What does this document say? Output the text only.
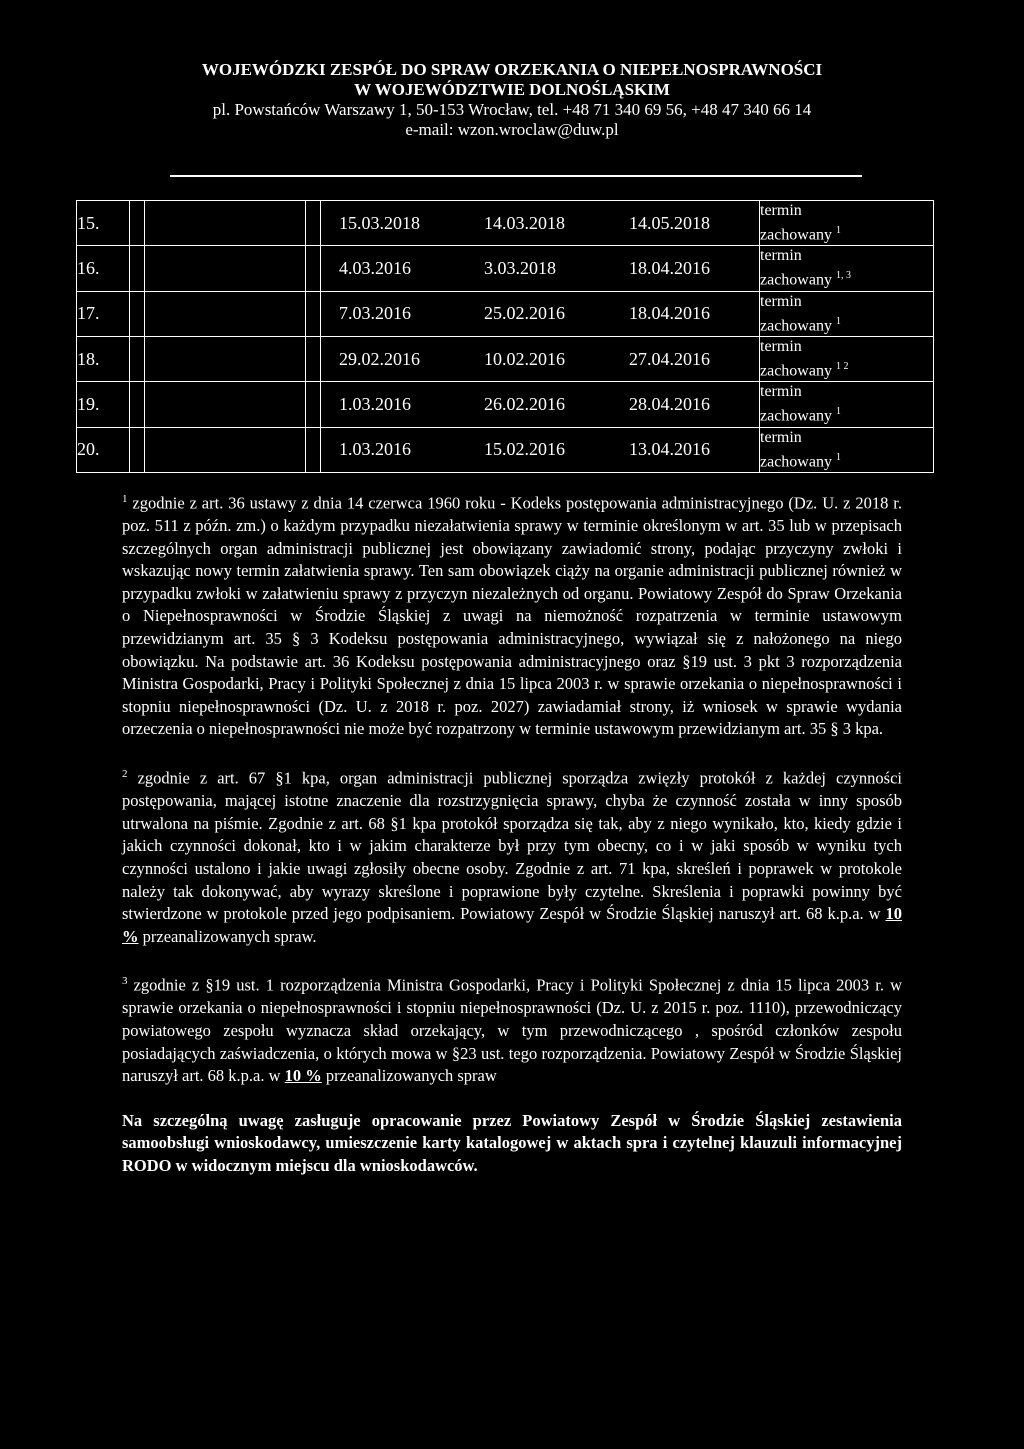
WOJEWÓDZKI ZESPÓŁ DO SPRAW ORZEKANIA O NIEPEŁNOSPRAWNOŚCI
W WOJEWÓDZTWIE DOLNOŚLĄSKIM
pl. Powstańców Warszawy 1, 50-153 Wrocław, tel. +48 71 340 69 56, +48 47 340 66 14
e-mail: wzon.wroclaw@duw.pl
15.				15.03.2018 14.03.2018 14.05.2018	termin
zachowany $^1$

16.				4.03.2016 3.03.2018 18.04.2016	termin
zachowany $^{1, 3}$

17.				7.03.2016 25.02.2016 18.04.2016	termin
zachowany $^1$

18.				29.02.2016 10.02.2016 27.04.2016	termin
zachowany $^{1 2}$

19.				1.03.2016 26.02.2016 28.04.2016	termin
zachowany $^1$

20.				1.03.2016 15.02.2016 13.04.2016	termin
zachowany $^1$

$^1$ zgodnie z art. 36 ustawy z dnia 14 czerwca 1960 roku - Kodeks postępowania administracyjnego (Dz. U. z 2018 r. poz. 511 z późn. zm.) o każdym przypadku niezałatwienia sprawy w terminie określonym w art. 35 lub w przepisach szczególnych organ administracji publicznej jest obowiązany zawiadomić strony, podając przyczyny zwłoki i wskazując nowy termin załatwienia sprawy. Ten sam obowiązek ciąży na organie administracji publicznej również w przypadku zwłoki w załatwieniu sprawy z przyczyn niezależnych od organu. Powiatowy Zespół do Spraw Orzekania o Niepełnosprawności w Środzie Śląskiej z uwagi na niemożność rozpatrzenia w terminie ustawowym przewidzianym art. 35 § 3 Kodeksu postępowania administracyjnego, wywiązał się z nałożonego na niego obowiązku. Na podstawie art. 36 Kodeksu postępowania administracyjnego oraz §19 ust. 3 pkt 3 rozporządzenia Ministra Gospodarki, Pracy i Polityki Społecznej z dnia 15 lipca 2003 r. w sprawie orzekania o niepełnosprawności i stopniu niepełnosprawności (Dz. U. z 2018 r. poz. 2027) zawiadamiał strony, iż wniosek w sprawie wydania orzeczenia o niepełnosprawności nie może być rozpatrzony w terminie ustawowym przewidzianym art. 35 § 3 kpa.

$^2$ zgodnie z art. 67 §1 kpa, organ administracji publicznej sporządza zwięzły protokół z każdej czynności postępowania, mającej istotne znaczenie dla rozstrzygnięcia sprawy, chyba że czynność została w inny sposób utrwalona na piśmie. Zgodnie z art. 68 §1 kpa protokół sporządza się tak, aby z niego wynikało, kto, kiedy gdzie i jakich czynności dokonał, kto i w jakim charakterze był przy tym obecny, co i w jaki sposób w wyniku tych czynności ustalono i jakie uwagi zgłosiły obecne osoby. Zgodnie z art. 71 kpa, skreśleń i poprawek w protokole należy tak dokonywać, aby wyrazy skreślone i poprawione były czytelne. Skreślenia i poprawki powinny być stwierdzone w protokole przed jego podpisaniem. Powiatowy Zespół w Środzie Śląskiej naruszył art. 68 k.p.a. w 10 % przeanalizowanych spraw.

$^3$ zgodnie z §19 ust. 1 rozporządzenia Ministra Gospodarki, Pracy i Polityki Społecznej z dnia 15 lipca 2003 r. w sprawie orzekania o niepełnosprawności i stopniu niepełnosprawności (Dz. U. z 2015 r. poz. 1110), przewodniczący powiatowego zespołu wyznacza skład orzekający, w tym przewodniczącego , spośród członków zespołu posiadających zaświadczenia, o których mowa w §23 ust. tego rozporządzenia. Powiatowy Zespół w Środzie Śląskiej naruszył art. 68 k.p.a. w 10 % przeanalizowanych spraw

Na szczególną uwagę zasługuje opracowanie przez Powiatowy Zespół w Środzie Śląskiej zestawienia samoobsługi wnioskodawcy, umieszczenie karty katalogowej w aktach spra i czytelnej klauzuli informacyjnej RODO w widocznym miejscu dla wnioskodawców.
